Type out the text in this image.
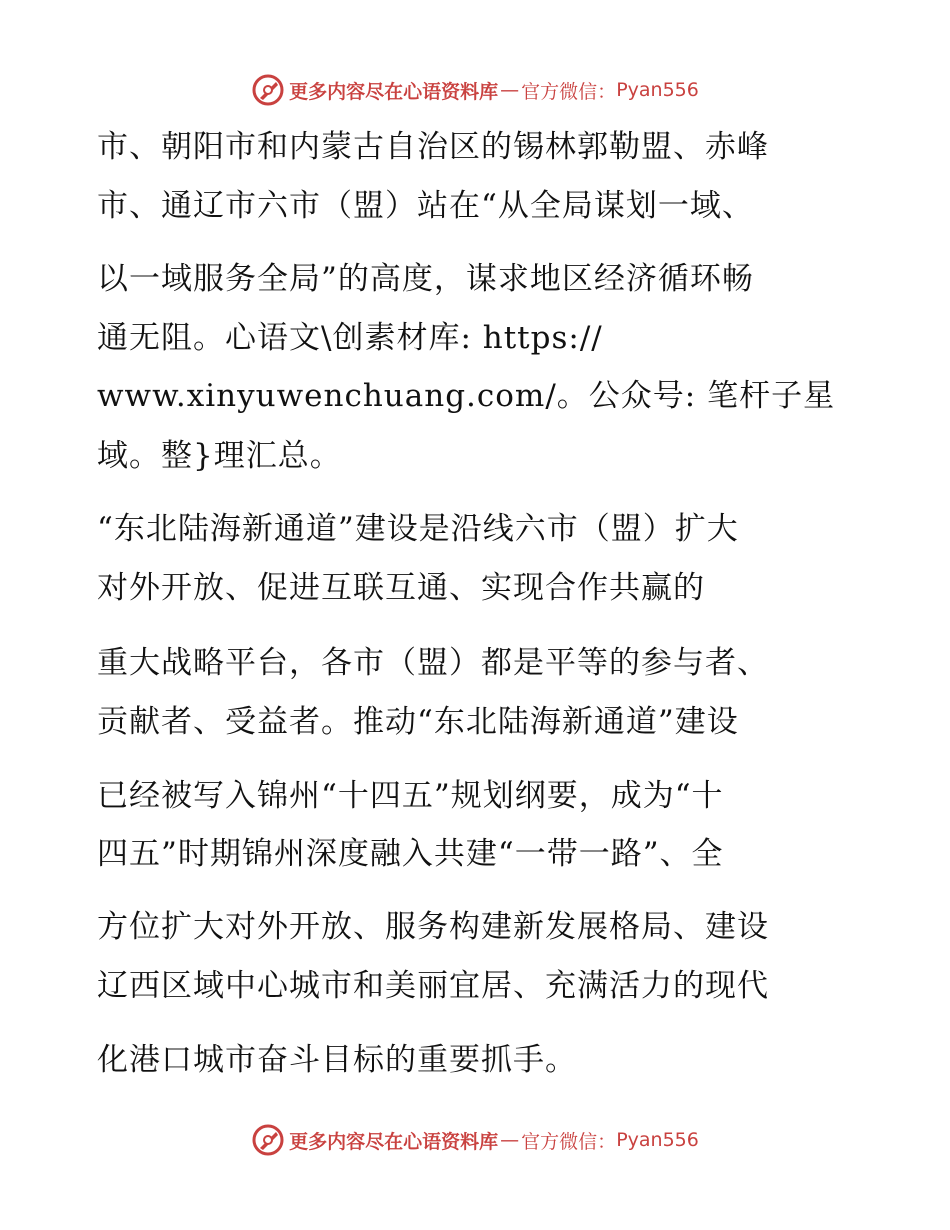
更多内容尽在心语资料库 — 官方微信： Pyan556
市、朝阳市和内蒙古自治区的锡林郭勒盟、赤峰
市、通辽市六市（盟）站在“从全局谋划一域、
以一域服务全局”的高度，谋求地区经济循环畅
通无阻。心语文\创素材库: https://
www.xinyuwenchuang.com/。公众号: 笔杆子星
域。整}理汇总。
“东北陆海新通道”建设是沿线六市（盟）扩大
对外开放、促进互联互通、实现合作共赢的
重大战略平台，各市（盟）都是平等的参与者、
贡献者、受益者。推动“东北陆海新通道”建设
已经被写入锦州“十四五”规划纲要，成为“十
四五”时期锦州深度融入共建“一带一路”、全
方位扩大对外开放、服务构建新发展格局、建设
辽西区域中心城市和美丽宜居、充满活力的现代
化港口城市奋斗目标的重要抓手。
更多内容尽在心语资料库 — 官方微信： Pyan556
